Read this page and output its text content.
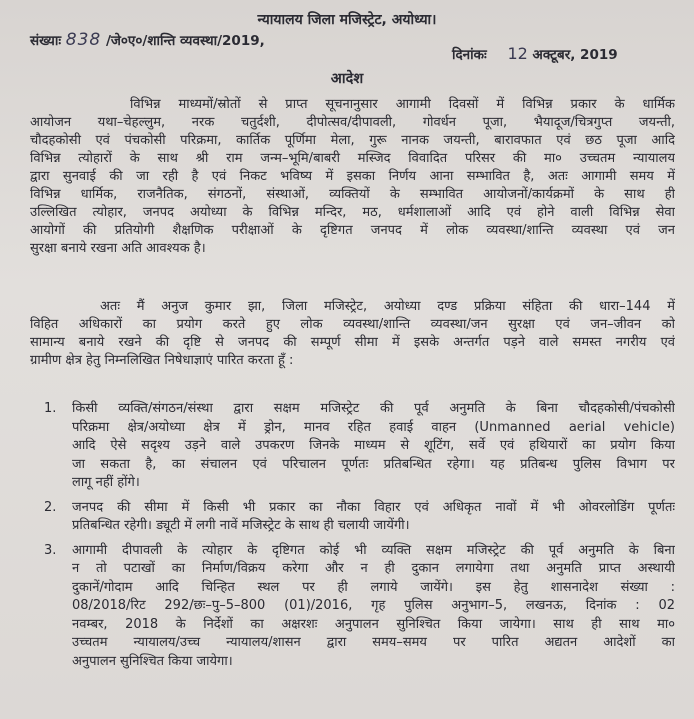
न्यायालय जिला मजिस्ट्रेट, अयोध्या।
संख्याः 838 /जे०ए०/शान्ति व्यवस्था/2019,
दिनांकः 12 अक्टूबर, 2019
आदेश
विभिन्न माध्यमों/स्रोतों से प्राप्त सूचनानुसार आगामी दिवसों में विभिन्न प्रकार के धार्मिक
आयोजन यथा–चेहल्लुम, नरक चतुर्दशी, दीपोत्सव/दीपावली, गोवर्धन पूजा, भैयादूज/चित्रगुप्त जयन्ती,
चौदहकोसी एवं पंचकोसी परिक्रमा, कार्तिक पूर्णिमा मेला, गुरू नानक जयन्ती, बारावफात एवं छठ पूजा आदि
विभिन्न त्योहारों के साथ श्री राम जन्म–भूमि/बाबरी मस्जिद विवादित परिसर की मा० उच्चतम न्यायालय
द्वारा सुनवाई की जा रही है एवं निकट भविष्य में इसका निर्णय आना सम्भावित है, अतः आगामी समय में
विभिन्न धार्मिक, राजनैतिक, संगठनों, संस्थाओं, व्यक्तियों के सम्भावित आयोजनों/कार्यक्रमों के साथ ही
उल्लिखित त्योहार, जनपद अयोध्या के विभिन्न मन्दिर, मठ, धर्मशालाओं आदि एवं होने वाली विभिन्न सेवा
आयोगों की प्रतियोगी शैक्षणिक परीक्षाओं के दृष्टिगत जनपद में लोक व्यवस्था/शान्ति व्यवस्था एवं जन
सुरक्षा बनाये रखना अति आवश्यक है।
अतः मैं अनुज कुमार झा, जिला मजिस्ट्रेट, अयोध्या दण्ड प्रक्रिया संहिता की धारा–144 में
विहित अधिकारों का प्रयोग करते हुए लोक व्यवस्था/शान्ति व्यवस्था/जन सुरक्षा एवं जन–जीवन को
सामान्य बनाये रखने की दृष्टि से जनपद की सम्पूर्ण सीमा में इसके अन्तर्गत पड़ने वाले समस्त नगरीय एवं
ग्रामीण क्षेत्र हेतु निम्नलिखित निषेधाज्ञाएं पारित करता हूँ :
1. किसी व्यक्ति/संगठन/संस्था द्वारा सक्षम मजिस्ट्रेट की पूर्व अनुमति के बिना चौदहकोसी/पंचकोसी
परिक्रमा क्षेत्र/अयोध्या क्षेत्र में ड्रोन, मानव रहित हवाई वाहन (Unmanned aerial vehicle)
आदि ऐसे सदृश्य उड़ने वाले उपकरण जिनके माध्यम से शूटिंग, सर्वे एवं हथियारों का प्रयोग किया
जा सकता है, का संचालन एवं परिचालन पूर्णतः प्रतिबन्धित रहेगा। यह प्रतिबन्ध पुलिस विभाग पर
लागू नहीं होंगे।
2. जनपद की सीमा में किसी भी प्रकार का नौका विहार एवं अधिकृत नावों में भी ओवरलोडिंग पूर्णतः
प्रतिबन्धित रहेगी। ड्यूटी में लगी नावें मजिस्ट्रेट के साथ ही चलायी जायेंगी।
3. आगामी दीपावली के त्योहार के दृष्टिगत कोई भी व्यक्ति सक्षम मजिस्ट्रेट की पूर्व अनुमति के बिना
न तो पटाखों का निर्माण/विक्रय करेगा और न ही दुकान लगायेगा तथा अनुमति प्राप्त अस्थायी
दुकानें/गोदाम आदि चिन्हित स्थल पर ही लगाये जायेंगे। इस हेतु शासनादेश संख्या :
08/2018/रिट 292/छः–पु–5–800 (01)/2016, गृह पुलिस अनुभाग–5, लखनऊ, दिनांक : 02
नवम्बर, 2018 के निर्देशों का अक्षरशः अनुपालन सुनिश्चित किया जायेगा। साथ ही साथ मा०
उच्चतम न्यायालय/उच्च न्यायालय/शासन द्वारा समय–समय पर पारित अद्यतन आदेशों का
अनुपालन सुनिश्चित किया जायेगा।
